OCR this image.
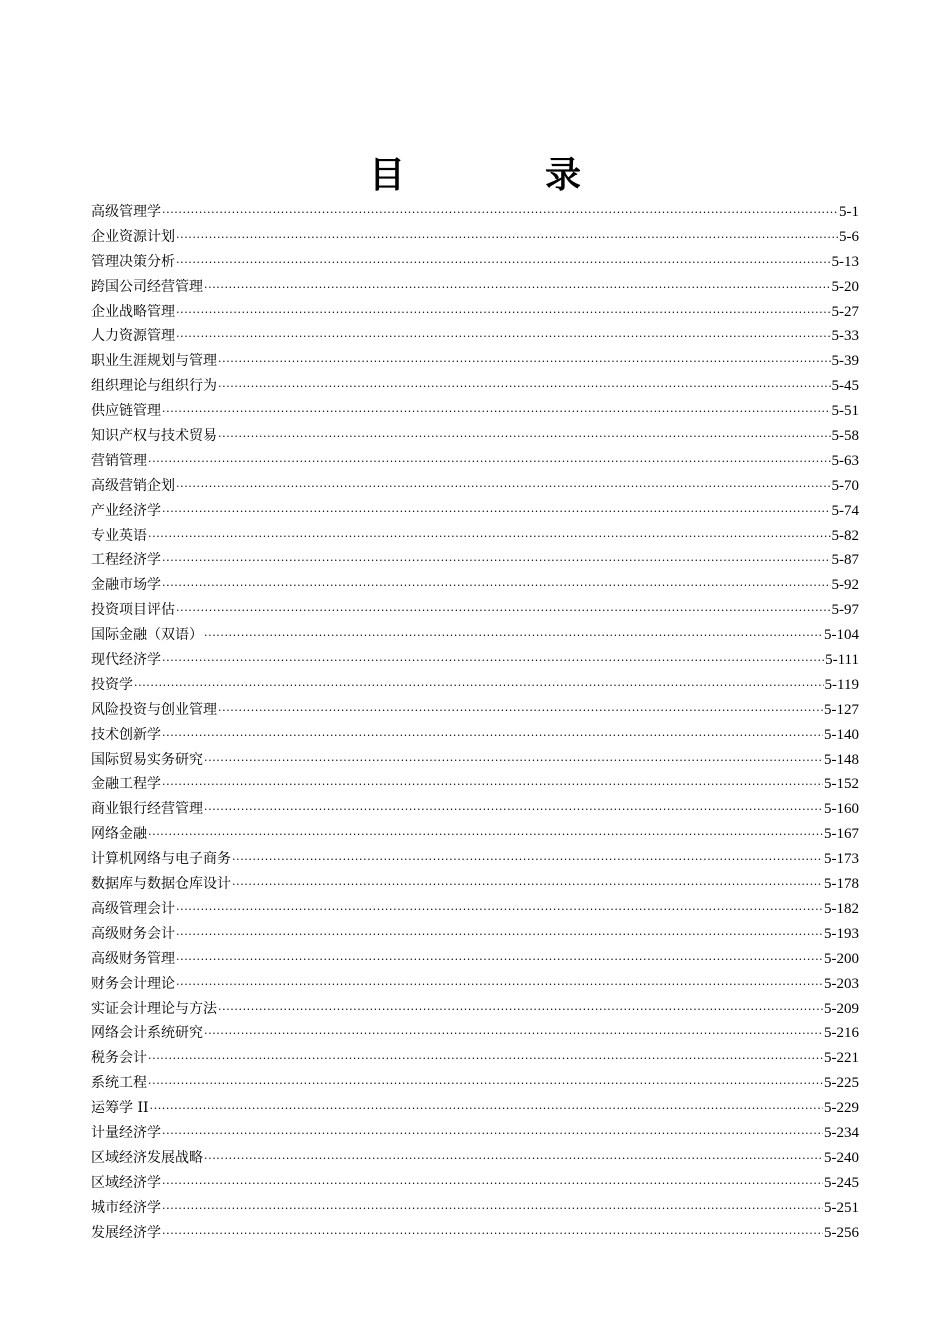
目　录
高级管理学 ·····	5-1
企业资源计划 ·····	5-6
管理决策分析 ·····	5-13
跨国公司经营管理 ·····	5-20
企业战略管理 ·····	5-27
人力资源管理 ·····	5-33
职业生涯规划与管理 ·····	5-39
组织理论与组织行为 ·····	5-45
供应链管理 ·····	5-51
知识产权与技术贸易 ·····	5-58
营销管理 ·····	5-63
高级营销企划 ·····	5-70
产业经济学 ·····	5-74
专业英语 ·····	5-82
工程经济学 ·····	5-87
金融市场学 ·····	5-92
投资项目评估 ·····	5-97
国际金融（双语） ·····	5-104
现代经济学 ·····	5-111
投资学 ·····	5-119
风险投资与创业管理 ·····	5-127
技术创新学 ·····	5-140
国际贸易实务研究 ·····	5-148
金融工程学 ·····	5-152
商业银行经营管理 ·····	5-160
网络金融 ·····	5-167
计算机网络与电子商务 ·····	5-173
数据库与数据仓库设计 ·····	5-178
高级管理会计 ·····	5-182
高级财务会计 ·····	5-193
高级财务管理 ·····	5-200
财务会计理论 ·····	5-203
实证会计理论与方法 ·····	5-209
网络会计系统研究 ·····	5-216
税务会计 ·····	5-221
系统工程 ·····	5-225
运筹学 II ·····	5-229
计量经济学 ·····	5-234
区域经济发展战略 ·····	5-240
区域经济学 ·····	5-245
城市经济学 ·····	5-251
发展经济学 ·····	5-256
